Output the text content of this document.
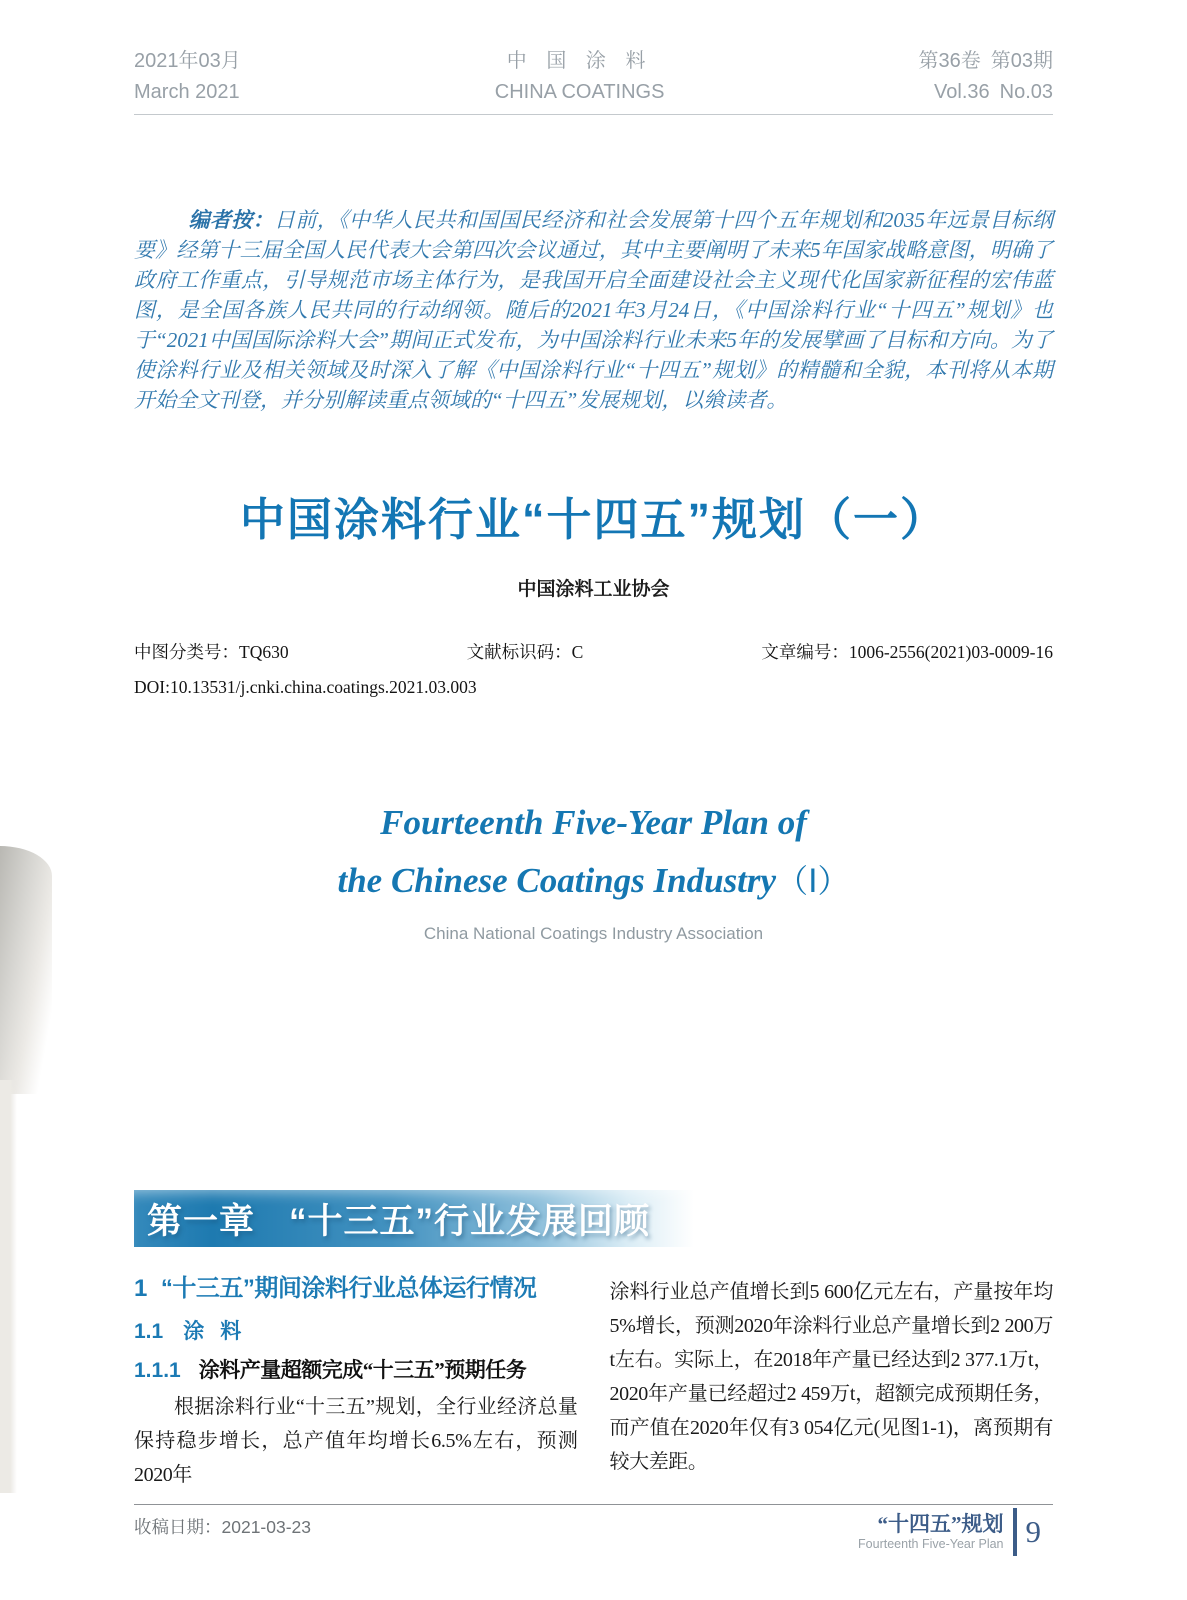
2021年03月
March 2021
中 国 涂 料
CHINA COATINGS
第36卷 第03期
Vol.36 No.03

编者按：日前，《中华人民共和国国民经济和社会发展第十四个五年规划和2035年远景目标纲要》经第十三届全国人民代表大会第四次会议通过，其中主要阐明了未来5年国家战略意图，明确了政府工作重点，引导规范市场主体行为，是我国开启全面建设社会主义现代化国家新征程的宏伟蓝图，是全国各族人民共同的行动纲领。随后的2021年3月24日，《中国涂料行业“十四五”规划》也于“2021中国国际涂料大会”期间正式发布，为中国涂料行业未来5年的发展擘画了目标和方向。为了使涂料行业及相关领域及时深入了解《中国涂料行业“十四五”规划》的精髓和全貌，本刊将从本期开始全文刊登，并分别解读重点领域的“十四五”发展规划，以飨读者。

中国涂料行业“十四五”规划（一）
中国涂料工业协会
中图分类号：TQ630	文献标识码：C	文章编号：1006-2556(2021)03-0009-16
DOI:10.13531/j.cnki.china.coatings.2021.03.003
Fourteenth Five-Year Plan of
the Chinese Coatings Industry（Ⅰ）
China National Coatings Industry Association
第一章 “十三五”行业发展回顾
1 “十三五”期间涂料行业总体运行情况
1.1 涂料
1.1.1 涂料产量超额完成“十三五”预期任务

根据涂料行业“十三五”规划，全行业经济总量保持稳步增长，总产值年均增长6.5%左右，预测2020年

涂料行业总产值增长到5 600亿元左右，产量按年均5%增长，预测2020年涂料行业总产量增长到2 200万t左右。实际上，在2018年产量已经达到2 377.1万t，2020年产量已经超过2 459万t，超额完成预期任务，而产值在2020年仅有3 054亿元(见图1-1)，离预期有较大差距。

收稿日期：2021-03-23	“十四五”规划
Fourteenth Five-Year Plan 9
